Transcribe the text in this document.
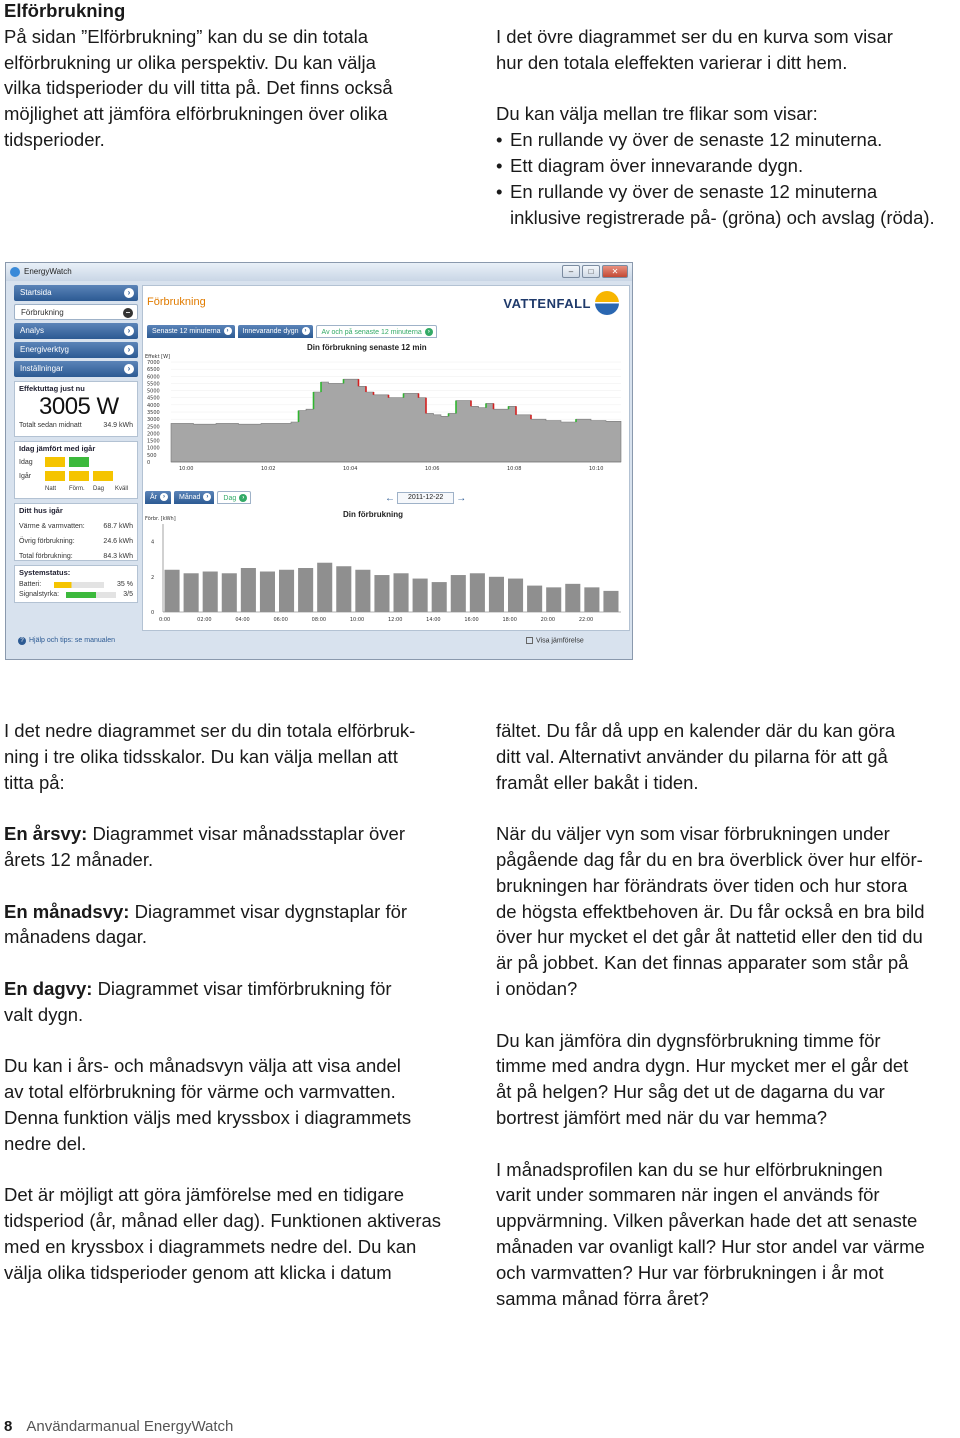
Elförbrukning
På sidan ”Elförbrukning” kan du se din totala
elförbrukning ur olika perspektiv. Du kan välja
vilka tidsperioder du vill titta på. Det finns också
möjlighet att jämföra elförbrukningen över olika
tidsperioder.
I det övre diagrammet ser du en kurva som visar
hur den totala eleffekten varierar i ditt hem.
Du kan välja mellan tre flikar som visar:
• En rullande vy över de senaste 12 minuterna.
• Ett diagram över innevarande dygn.
• En rullande vy över de senaste 12 minuterna
inklusive registrerade på- (gröna) och avslag (röda).
EnergyWatch	–	□	✕
Startsida	›
Förbrukning	–
Analys	›
Energiverktyg	›
Inställningar	›
Effektuttag just nu
3005 W
Totalt sedan midnatt	34.9 kWh
Idag jämfört med igår
Idag
Igår
Natt Förm. Dag Kväll
Ditt hus igår
Värme & varmvatten:	68.7 kWh
Övrig förbrukning:	24.6 kWh
Total förbrukning:	84.3 kWh
Systemstatus:
Batteri:	35 %
Signalstyrka:	3/5
Förbrukning	VATTENFALL
Senaste 12 minuterna	›	Innevarande dygn	›	Av och på senaste 12 minuterna	›
Din förbrukning senaste 12 min
Effekt [W]
7000
6500
6000
5500
5000
4500
4000
3500
3000
2500
2000
1500
1000
500
0
10:00	10:02	10:04	10:06	10:08	10:10
År	›	Månad	›	Dag	›	←	2011-12-22	→
Din förbrukning
Förbr. [kWh]
0
2
4
0:00	02:00	04:00	06:00	08:00	10:00	12:00	14:00	16:00	18:00	20:00	22:00
? Hjälp och tips: se manualen	Visa jämförelse
I det nedre diagrammet ser du din totala elförbruk-
ning i tre olika tidsskalor. Du kan välja mellan att
titta på:
En årsvy: Diagrammet visar månadsstaplar över
årets 12 månader.
En månadsvy: Diagrammet visar dygnstaplar för
månadens dagar.
En dagvy: Diagrammet visar timförbrukning för
valt dygn.
Du kan i års- och månadsvyn välja att visa andel
av total elförbrukning för värme och varmvatten.
Denna funktion väljs med kryssbox i diagrammets
nedre del.
Det är möjligt att göra jämförelse med en tidigare
tidsperiod (år, månad eller dag). Funktionen aktiveras
med en kryssbox i diagrammets nedre del. Du kan
välja olika tidsperioder genom att klicka i datum
fältet. Du får då upp en kalender där du kan göra
ditt val. Alternativt använder du pilarna för att gå
framåt eller bakåt i tiden.
När du väljer vyn som visar förbrukningen under
pågående dag får du en bra överblick över hur elför-
brukningen har förändrats över tiden och hur stora
de högsta effektbehoven är. Du får också en bra bild
över hur mycket el det går åt nattetid eller den tid du
är på jobbet. Kan det finnas apparater som står på
i onödan?
Du kan jämföra din dygnsförbrukning timme för
timme med andra dygn. Hur mycket mer el går det
åt på helgen? Hur såg det ut de dagarna du var
bortrest jämfört med när du var hemma?
I månadsprofilen kan du se hur elförbrukningen
varit under sommaren när ingen el används för
uppvärmning. Vilken påverkan hade det att senaste
månaden var ovanligt kall? Hur stor andel var värme
och varmvatten? Hur var förbrukningen i år mot
samma månad förra året?
8 Användarmanual EnergyWatch
